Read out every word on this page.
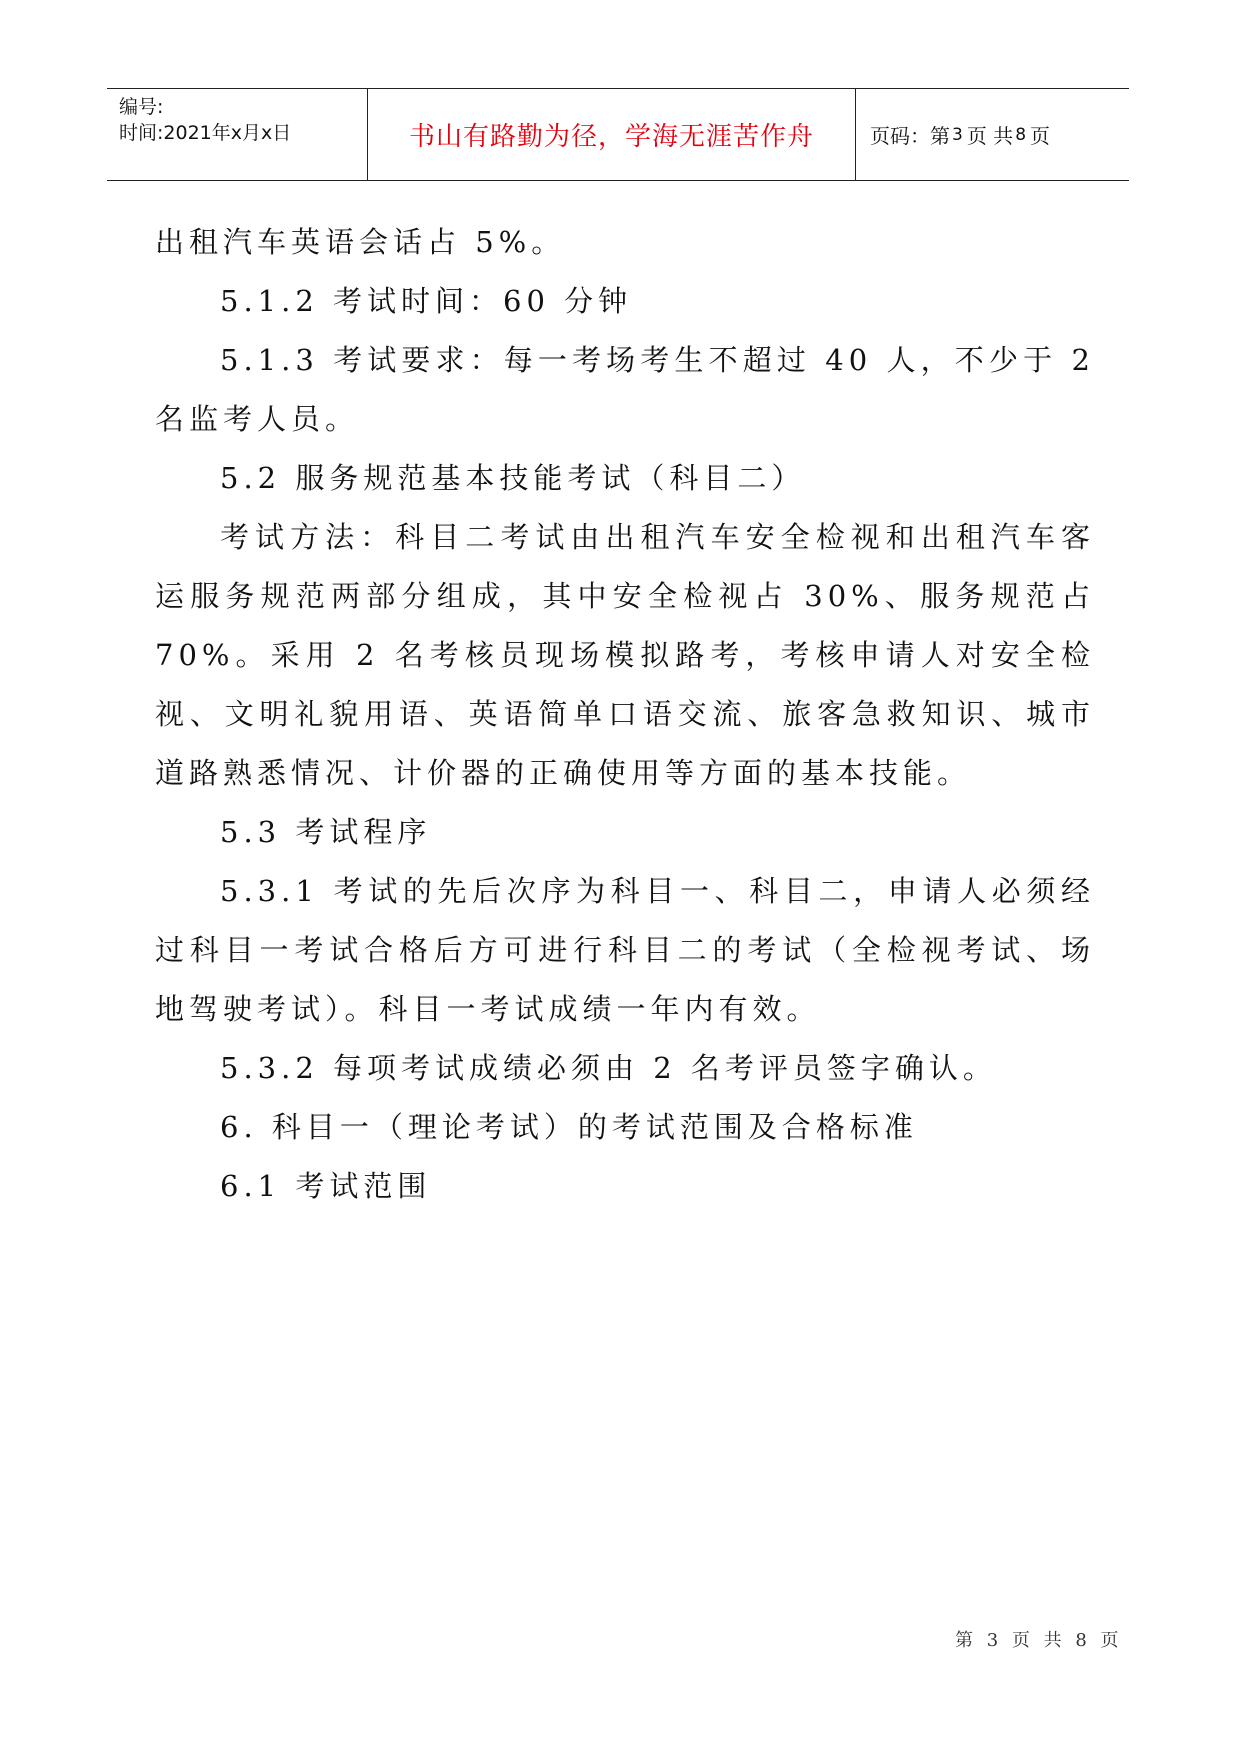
编号:
时间:2021年x月x日	书山有路勤为径，学海无涯苦作舟	页码：第 3 页 共 8 页

出租汽车英语会话占 5%。

5.1.2 考试时间：60 分钟

5.1.3 考试要求：每一考场考生不超过 40 人，不少于 2 名监考人员。

5.2 服务规范基本技能考试（科目二）

考试方法：科目二考试由出租汽车安全检视和出租汽车客运服务规范两部分组成，其中安全检视占 30%、服务规范占 70%。采用 2 名考核员现场模拟路考，考核申请人对安全检视、文明礼貌用语、英语简单口语交流、旅客急救知识、城市道路熟悉情况、计价器的正确使用等方面的基本技能。

5.3 考试程序

5.3.1 考试的先后次序为科目一、科目二，申请人必须经过科目一考试合格后方可进行科目二的考试（全检视考试、场地驾驶考试）。科目一考试成绩一年内有效。

5.3.2 每项考试成绩必须由 2 名考评员签字确认。

6. 科目一（理论考试）的考试范围及合格标准

6.1 考试范围

第 3 页 共 8 页
